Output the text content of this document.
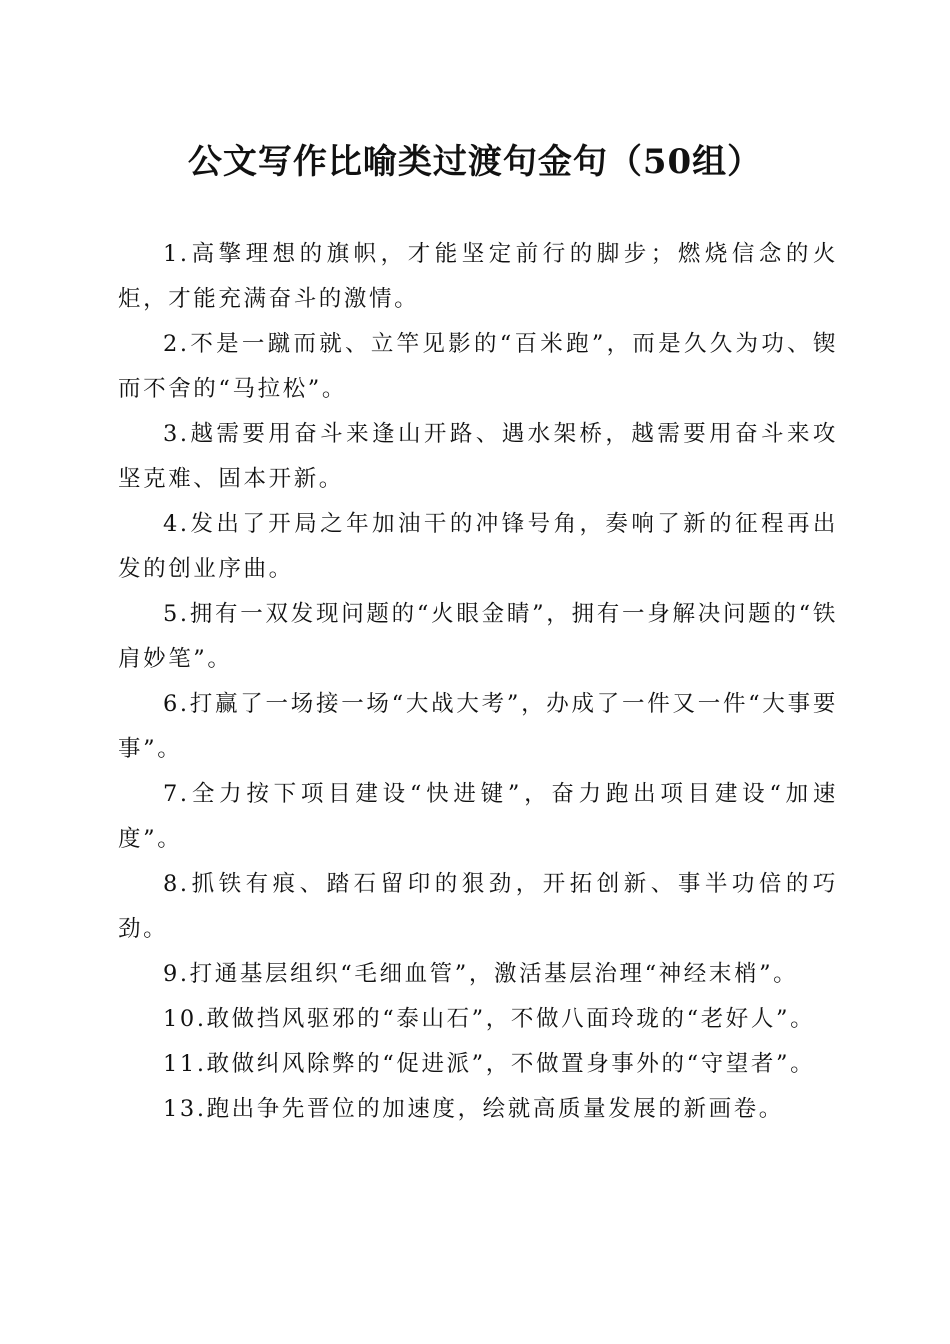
公文写作比喻类过渡句金句（50组）

1.高擎理想的旗帜，才能坚定前行的脚步；燃烧信念的火炬，才能充满奋斗的激情。

2.不是一蹴而就、立竿见影的“百米跑”，而是久久为功、锲而不舍的“马拉松”。

3.越需要用奋斗来逢山开路、遇水架桥，越需要用奋斗来攻坚克难、固本开新。

4.发出了开局之年加油干的冲锋号角，奏响了新的征程再出发的创业序曲。

5.拥有一双发现问题的“火眼金睛”，拥有一身解决问题的“铁肩妙笔”。

6.打赢了一场接一场“大战大考”，办成了一件又一件“大事要事”。

7.全力按下项目建设“快进键”，奋力跑出项目建设“加速度”。

8.抓铁有痕、踏石留印的狠劲，开拓创新、事半功倍的巧劲。

9.打通基层组织“毛细血管”，激活基层治理“神经末梢”。

10.敢做挡风驱邪的“泰山石”，不做八面玲珑的“老好人”。

11.敢做纠风除弊的“促进派”，不做置身事外的“守望者”。

13.跑出争先晋位的加速度，绘就高质量发展的新画卷。
